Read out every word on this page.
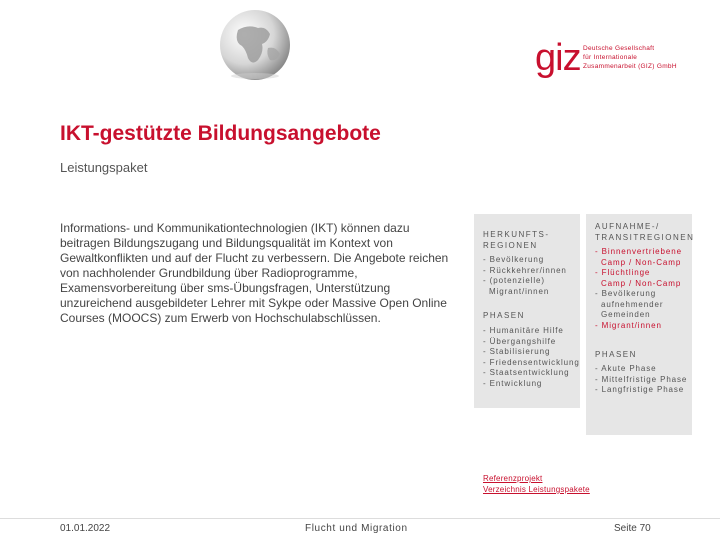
giz Deutsche Gesellschaft
für Internationale
Zusammenarbeit (GIZ) GmbH
IKT-gestützte Bildungsangebote
Leistungspaket
Informations- und Kommunikationtechnologien (IKT) können dazu beitragen Bildungszugang und Bildungsqualität im Kontext von Gewaltkonflikten und auf der Flucht zu verbessern. Die Angebote reichen von nachholender Grundbildung über Radioprogramme, Examensvorbereitung über sms-Übungsfragen, Unterstützung unzureichend ausgebildeter Lehrer mit Sykpe oder Massive Open Online Courses (MOOCS) zum Erwerb von Hochschulabschlüssen.
HERKUNFTS-
REGIONEN
- Bevölkerung
- Rückkehrer/innen
- (potenzielle)
Migrant/innen
PHASEN
- Humanitäre Hilfe
- Übergangshilfe
- Stabilisierung
- Friedensentwicklung
- Staatsentwicklung
- Entwicklung
AUFNAHME-/
TRANSITREGIONEN
- Binnenvertriebene
Camp / Non-Camp
- Flüchtlinge
Camp / Non-Camp
- Bevölkerung
aufnehmender
Gemeinden
- Migrant/innen
PHASEN
- Akute Phase
- Mittelfristige Phase
- Langfristige Phase
Referenzprojekt
Verzeichnis Leistungspakete
01.01.2022	Flucht und Migration	Seite 70
